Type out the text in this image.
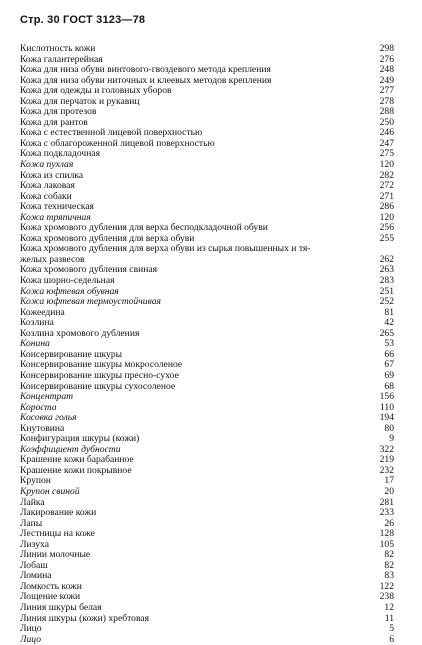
Стр. 30 ГОСТ 3123—78
Кислотность кожи	298
Кожа галантерейная	276
Кожа для низа обуви винтового-гвоздевого метода крепления	248
Кожа для низа обуви ниточных и клеевых методов крепления	249
Кожа для одежды и головных уборов	277
Кожа для перчаток и рукавиц	278
Кожа для протезов	288
Кожа для рантов	250
Кожа с естественной лицевой поверхностью	246
Кожа с облагороженной лицевой поверхностью	247
Кожа подкладочная	275
Кожа пухлая	120
Кожа из спилка	282
Кожа лаковая	272
Кожа собаки	271
Кожа техническая	286
Кожа тряпичная	120
Кожа хромового дубления для верха бесподкладочной обуви	256
Кожа хромового дубления для верха обуви	255
Кожа хромового дубления для верха обуви из сырья повышенных и тя-
желых развесов	262
Кожа хромового дубления свиная	263
Кожа шорно-седельная	283
Кожа юфтевая обувная	251
Кожа юфтевая термоустойчивая	252
Кожеедина	81
Козлина	42
Козлина хромового дубления	265
Конина	53
Консервирование шкуры	66
Консервирование шкуры мокросоленое	67
Консервирование шкуры пресно-сухое	69
Консервирование шкуры сухосоленое	68
Концентрат	156
Короста	110
Косовка голья	194
Кнутовина	80
Конфигурация шкуры (кожи)	9
Коэффициент дубности	322
Крашение кожи барабанное	219
Крашение кожи покрывное	232
Крупон	17
Крупон свиной	20
Лайка	281
Лакирование кожи	233
Лапы	26
Лестницы на коже	128
Лизуха	105
Линии молочные	82
Лобаш	82
Ломина	83
Ломкость кожи	122
Лощение кожи	238
Линия шкуры белая	12
Линия шкуры (кожи) хребтовая	11
Лицо	5
Лицо	6
